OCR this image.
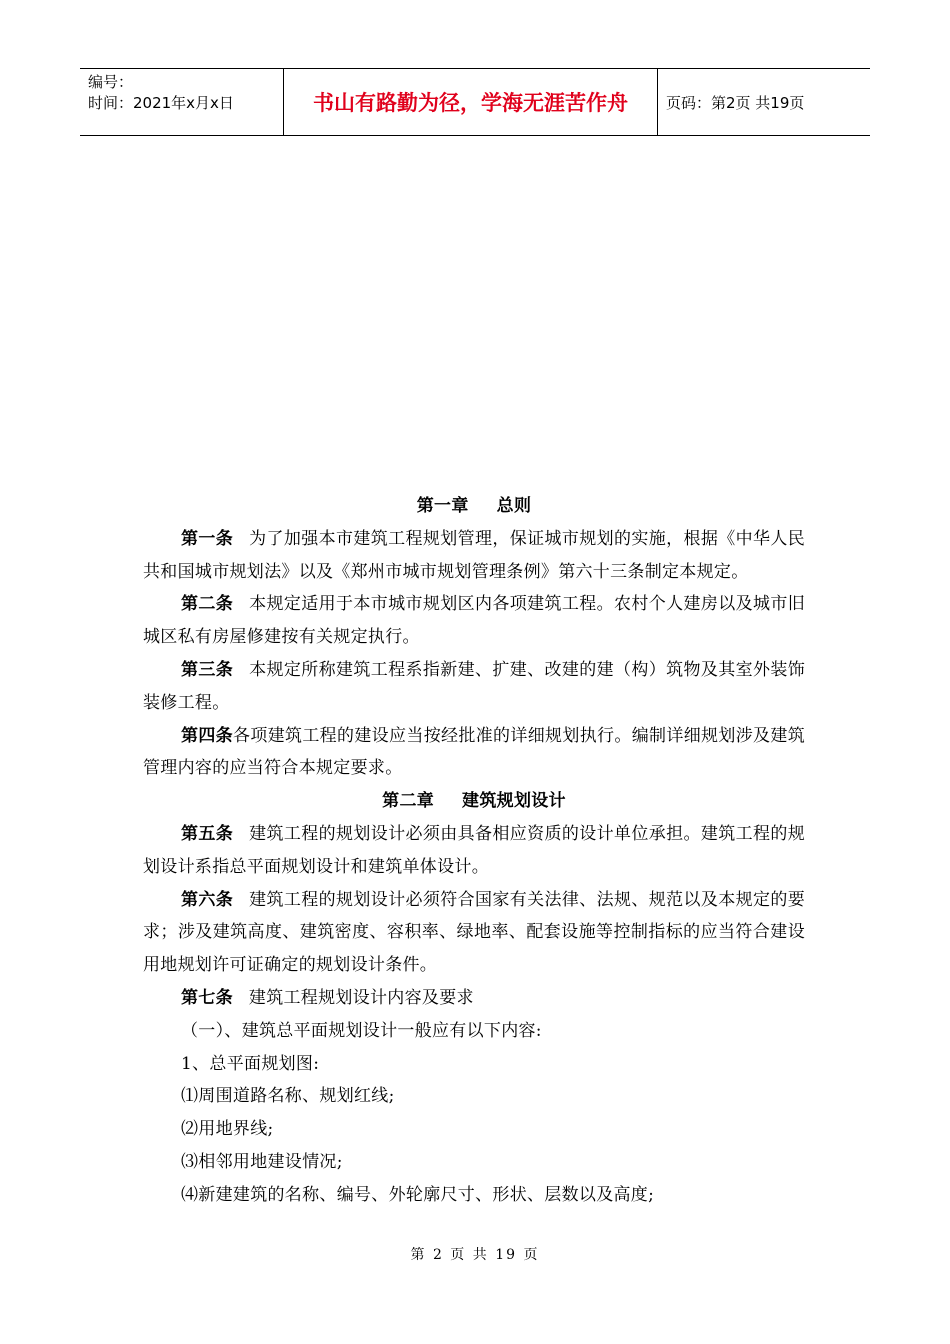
编号：
时间：2021年x月x日	书山有路勤为径，学海无涯苦作舟	页码：第2页 共19页
第一章 总则

第一条 为了加强本市建筑工程规划管理，保证城市规划的实施，根据《中华人民共和国城市规划法》以及《郑州市城市规划管理条例》第六十三条制定本规定。

第二条 本规定适用于本市城市规划区内各项建筑工程。农村个人建房以及城市旧城区私有房屋修建按有关规定执行。

第三条 本规定所称建筑工程系指新建、扩建、改建的建（构）筑物及其室外装饰装修工程。

第四条各项建筑工程的建设应当按经批准的详细规划执行。编制详细规划涉及建筑管理内容的应当符合本规定要求。

第二章 建筑规划设计

第五条 建筑工程的规划设计必须由具备相应资质的设计单位承担。建筑工程的规划设计系指总平面规划设计和建筑单体设计。

第六条 建筑工程的规划设计必须符合国家有关法律、法规、规范以及本规定的要求；涉及建筑高度、建筑密度、容积率、绿地率、配套设施等控制指标的应当符合建设用地规划许可证确定的规划设计条件。

第七条 建筑工程规划设计内容及要求

（一）、建筑总平面规划设计一般应有以下内容:

1、总平面规划图:

⑴周围道路名称、规划红线;

⑵用地界线;

⑶相邻用地建设情况;

⑷新建建筑的名称、编号、外轮廓尺寸、形状、层数以及高度;

第 2 页 共 19 页
